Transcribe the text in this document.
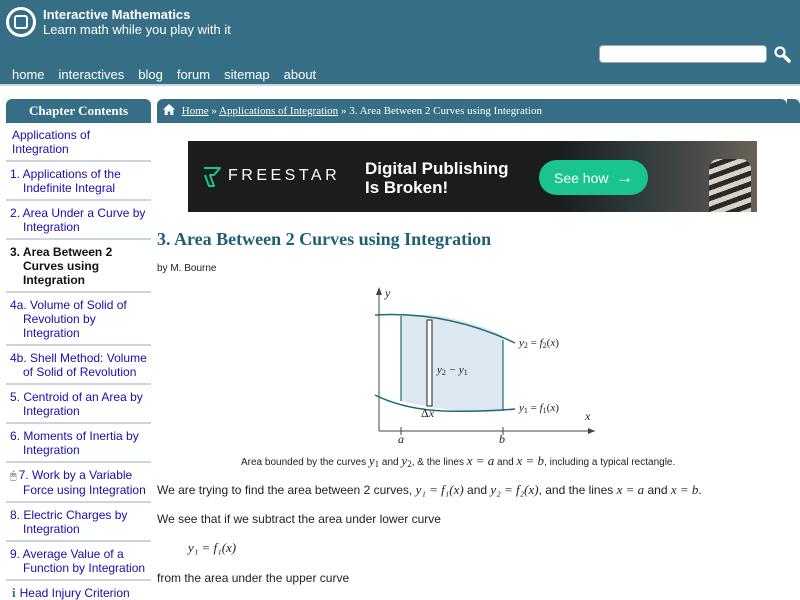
Interactive Mathematics
Learn math while you play with it
home interactives blog forum sitemap about
Chapter Contents
Applications of Integration
1. Applications of the Indefinite Integral
2. Area Under a Curve by Integration
3. Area Between 2 Curves using Integration
4a. Volume of Solid of Revolution by Integration
4b. Shell Method: Volume of Solid of Revolution
5. Centroid of an Area by Integration
6. Moments of Inertia by Integration
🖱︎ 7. Work by a Variable Force using Integration
8. Electric Charges by Integration
9. Average Value of a Function by Integration
i Head Injury Criterion
Home » Applications of Integration » 3. Area Between 2 Curves using Integration
FREESTAR Digital Publishing
Is Broken!	See how →
3. Area Between 2 Curves using Integration
by M. Bourne
y
x
a	b
Δx
y2 − y1
y2 = f2(x)
y1 = f1(x)
Area bounded by the curves y1 and y2, & the lines x = a and x = b, including a typical rectangle.

We are trying to find the area between 2 curves, y₁ = f₁(x) and y₂ = f₂(x), and the lines x = a and x = b.

We see that if we subtract the area under lower curve

y₁ = f₁(x)

from the area under the upper curve
